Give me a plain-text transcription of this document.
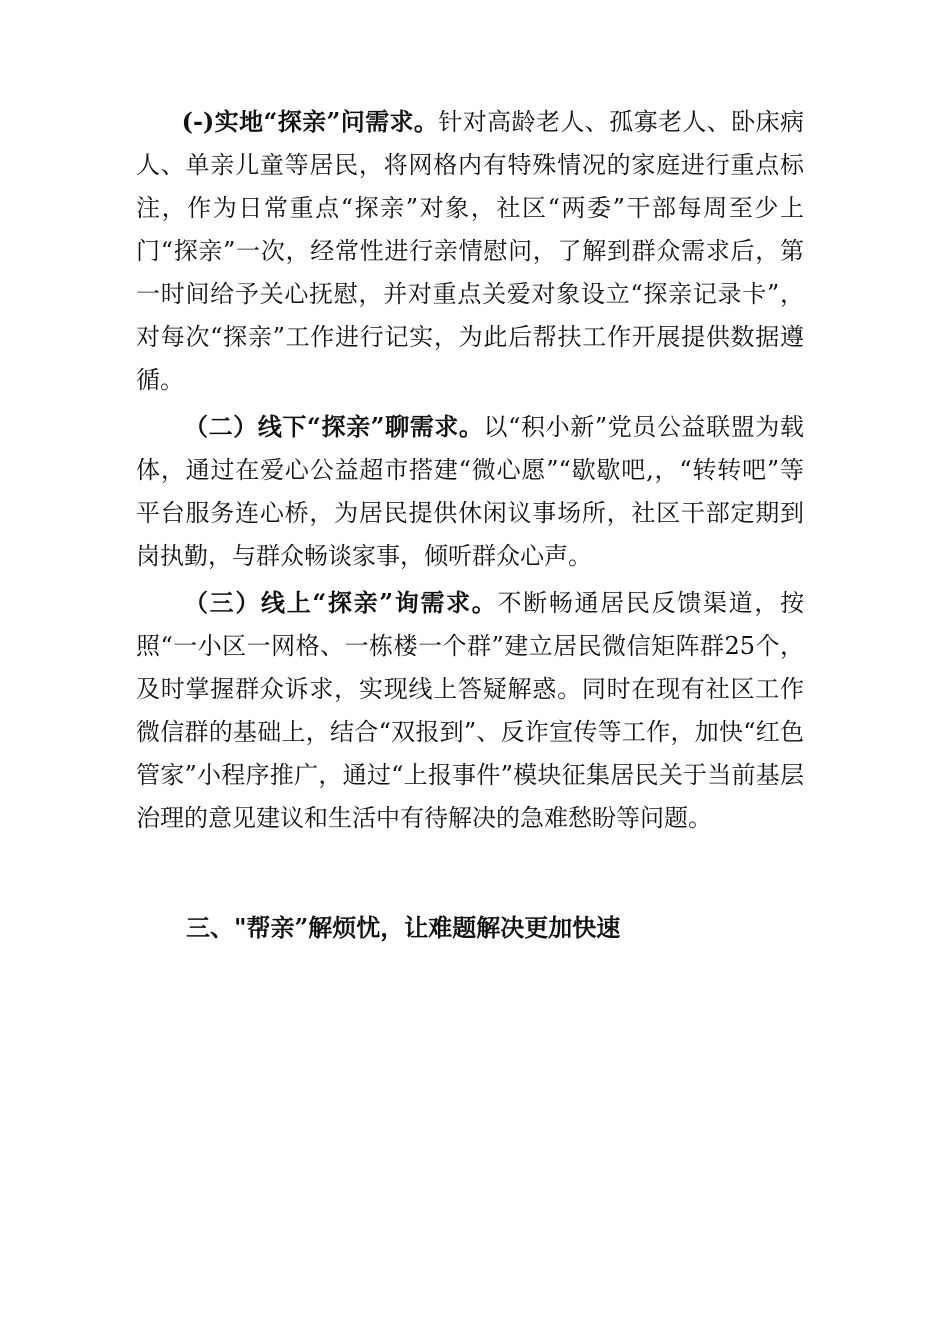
(-)实地“探亲”问需求。针对高龄老人、孤寡老人、卧床病人、单亲儿童等居民，将网格内有特殊情况的家庭进行重点标注，作为日常重点“探亲”对象，社区“两委”干部每周至少上门“探亲”一次，经常性进行亲情慰问，了解到群众需求后，第一时间给予关心抚慰，并对重点关爱对象设立“探亲记录卡”，对每次“探亲”工作进行记实，为此后帮扶工作开展提供数据遵循。

（二）线下“探亲”聊需求。以“积小新”党员公益联盟为载体，通过在爱心公益超市搭建“微心愿”“歇歇吧,，“转转吧”等平台服务连心桥，为居民提供休闲议事场所，社区干部定期到岗执勤，与群众畅谈家事，倾听群众心声。

（三）线上“探亲”询需求。不断畅通居民反馈渠道，按照“一小区一网格、一栋楼一个群”建立居民微信矩阵群25个，及时掌握群众诉求，实现线上答疑解惑。同时在现有社区工作微信群的基础上，结合“双报到”、反诈宣传等工作，加快“红色管家”小程序推广，通过“上报事件”模块征集居民关于当前基层治理的意见建议和生活中有待解决的急难愁盼等问题。

三、"帮亲”解烦忧，让难题解决更加快速
